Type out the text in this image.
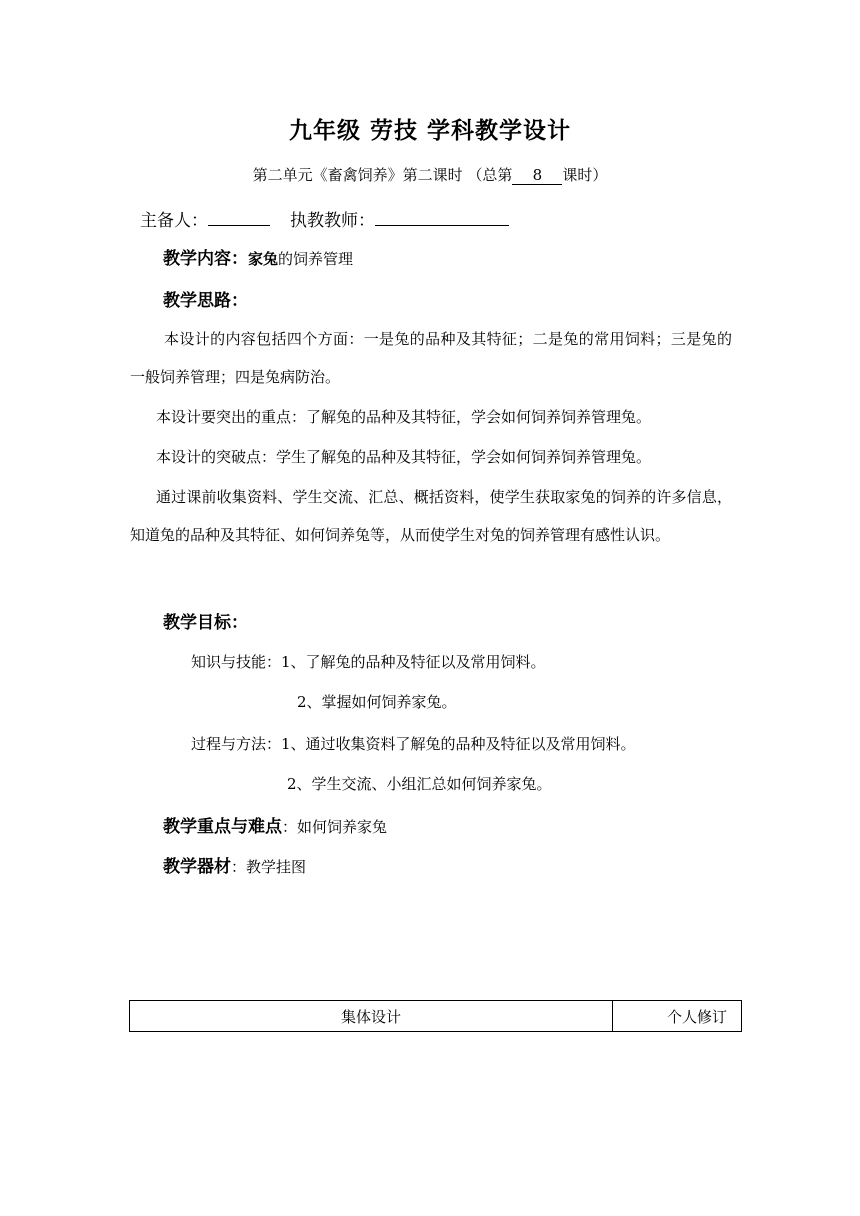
九年级 劳技 学科教学设计
第二单元《畜禽饲养》第二课时 （总第 8 课时）
主备人：	执教教师：
教学内容：家兔的饲养管理
教学思路：
本设计的内容包括四个方面：一是兔的品种及其特征；二是兔的常用饲料；三是兔的一般饲养管理；四是兔病防治。
本设计要突出的重点：了解兔的品种及其特征，学会如何饲养饲养管理兔。
本设计的突破点：学生了解兔的品种及其特征，学会如何饲养饲养管理兔。
通过课前收集资料、学生交流、汇总、概括资料，使学生获取家兔的饲养的许多信息，知道兔的品种及其特征、如何饲养兔等，从而使学生对兔的饲养管理有感性认识。
教学目标：
知识与技能：1、了解兔的品种及特征以及常用饲料。
2、掌握如何饲养家兔。
过程与方法：1、通过收集资料了解兔的品种及特征以及常用饲料。
2、学生交流、小组汇总如何饲养家兔。
教学重点与难点：如何饲养家兔
教学器材：教学挂图
集体设计	个人修订
